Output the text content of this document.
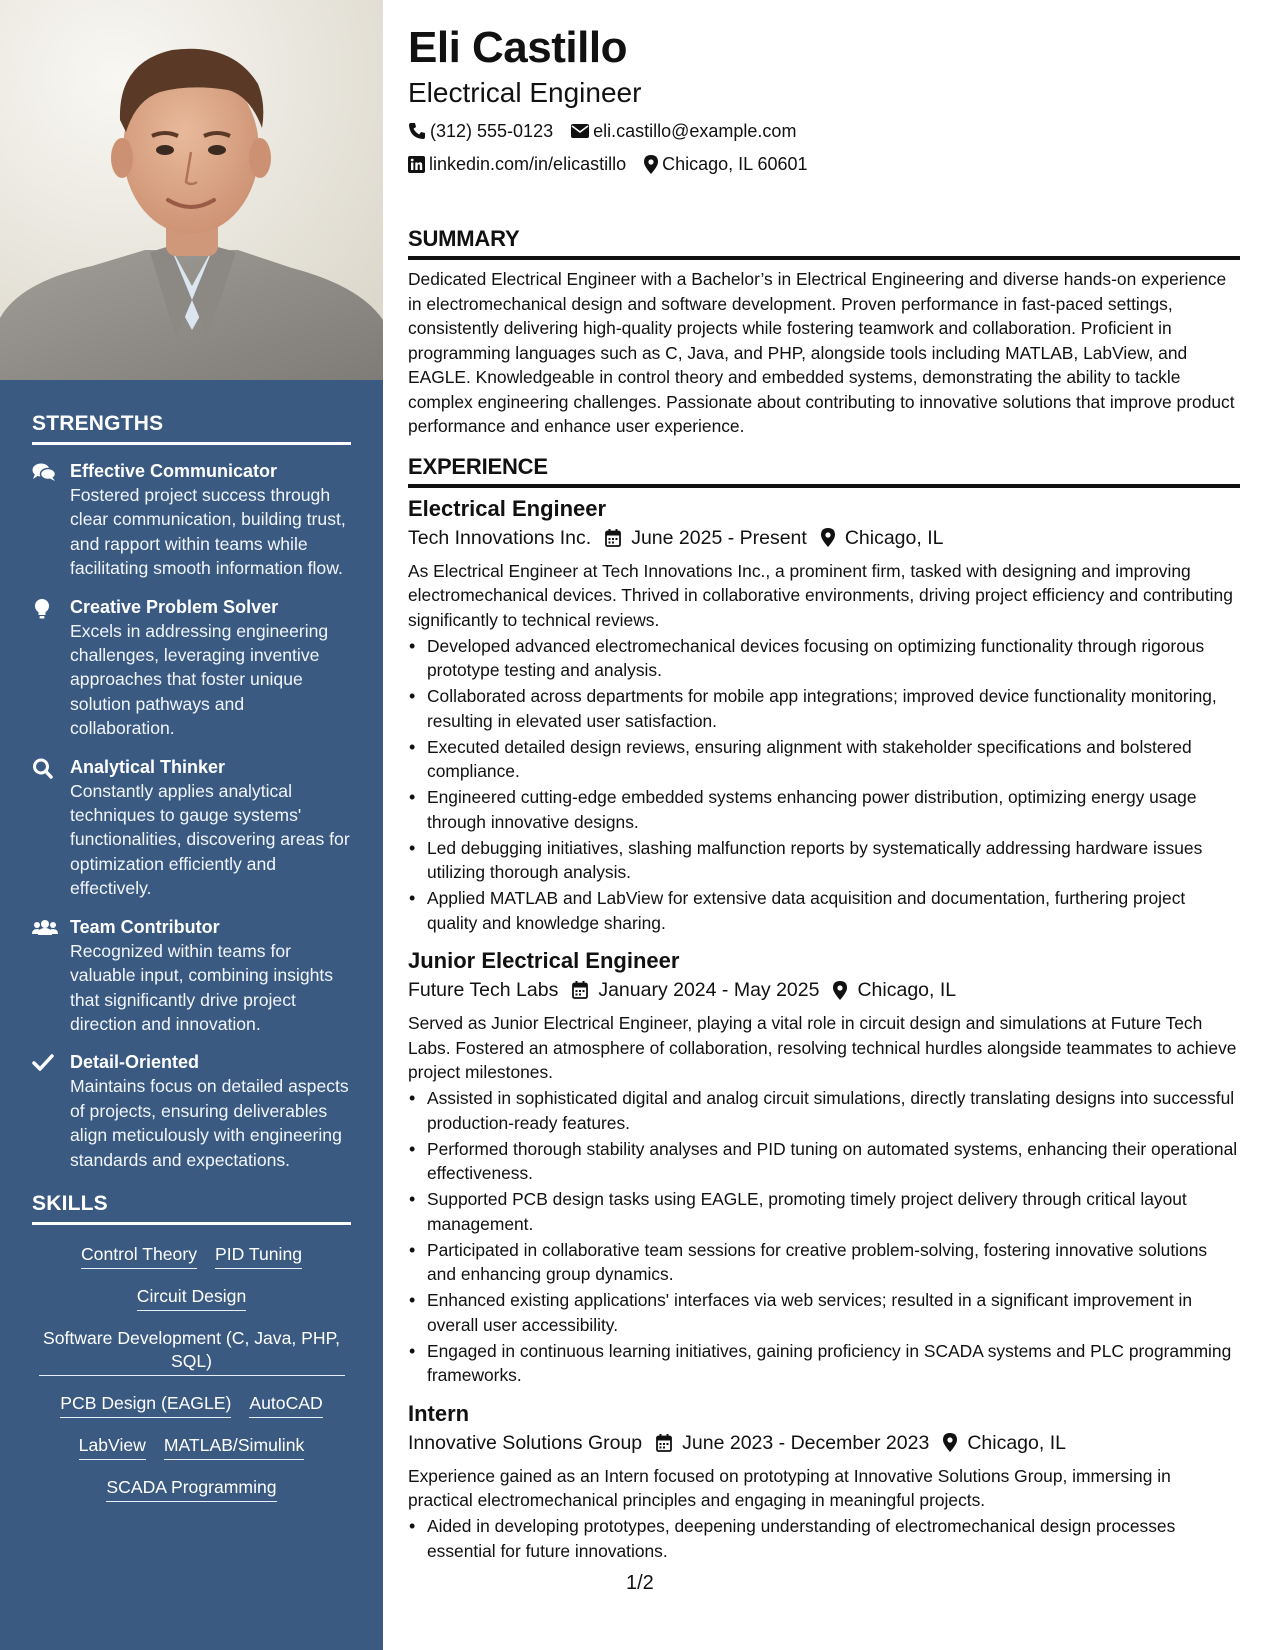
STRENGTHS
Effective Communicator
Fostered project success through clear communication, building trust, and rapport within teams while facilitating smooth information flow.
Creative Problem Solver
Excels in addressing engineering challenges, leveraging inventive approaches that foster unique solution pathways and collaboration.
Analytical Thinker
Constantly applies analytical techniques to gauge systems' functionalities, discovering areas for optimization efficiently and effectively.
Team Contributor
Recognized within teams for valuable input, combining insights that significantly drive project direction and innovation.
Detail-Oriented
Maintains focus on detailed aspects of projects, ensuring deliverables align meticulously with engineering standards and expectations.
SKILLS
Control Theory PID Tuning
Circuit Design
Software Development (C, Java, PHP, SQL)
PCB Design (EAGLE) AutoCAD
LabView MATLAB/Simulink
SCADA Programming
Eli Castillo
Electrical Engineer
(312) 555-0123 eli.castillo@example.com
linkedin.com/in/elicastillo Chicago, IL 60601
SUMMARY

Dedicated Electrical Engineer with a Bachelor’s in Electrical Engineering and diverse hands-on experience in electromechanical design and software development. Proven performance in fast-paced settings, consistently delivering high-quality projects while fostering teamwork and collaboration. Proficient in programming languages such as C, Java, and PHP, alongside tools including MATLAB, LabView, and EAGLE. Knowledgeable in control theory and embedded systems, demonstrating the ability to tackle complex engineering challenges. Passionate about contributing to innovative solutions that improve product performance and enhance user experience.

EXPERIENCE
Electrical Engineer
Tech Innovations Inc. June 2025 - Present Chicago, IL

As Electrical Engineer at Tech Innovations Inc., a prominent firm, tasked with designing and improving electromechanical devices. Thrived in collaborative environments, driving project efficiency and contributing significantly to technical reviews.

• Developed advanced electromechanical devices focusing on optimizing functionality through rigorous prototype testing and analysis.
• Collaborated across departments for mobile app integrations; improved device functionality monitoring, resulting in elevated user satisfaction.
• Executed detailed design reviews, ensuring alignment with stakeholder specifications and bolstered compliance.
• Engineered cutting-edge embedded systems enhancing power distribution, optimizing energy usage through innovative designs.
• Led debugging initiatives, slashing malfunction reports by systematically addressing hardware issues utilizing thorough analysis.
• Applied MATLAB and LabView for extensive data acquisition and documentation, furthering project quality and knowledge sharing.
Junior Electrical Engineer
Future Tech Labs January 2024 - May 2025 Chicago, IL

Served as Junior Electrical Engineer, playing a vital role in circuit design and simulations at Future Tech Labs. Fostered an atmosphere of collaboration, resolving technical hurdles alongside teammates to achieve project milestones.

• Assisted in sophisticated digital and analog circuit simulations, directly translating designs into successful production-ready features.
• Performed thorough stability analyses and PID tuning on automated systems, enhancing their operational effectiveness.
• Supported PCB design tasks using EAGLE, promoting timely project delivery through critical layout management.
• Participated in collaborative team sessions for creative problem-solving, fostering innovative solutions and enhancing group dynamics.
• Enhanced existing applications' interfaces via web services; resulted in a significant improvement in overall user accessibility.
• Engaged in continuous learning initiatives, gaining proficiency in SCADA systems and PLC programming frameworks.
Intern
Innovative Solutions Group June 2023 - December 2023 Chicago, IL

Experience gained as an Intern focused on prototyping at Innovative Solutions Group, immersing in practical electromechanical principles and engaging in meaningful projects.

• Aided in developing prototypes, deepening understanding of electromechanical design processes essential for future innovations.
1/2
